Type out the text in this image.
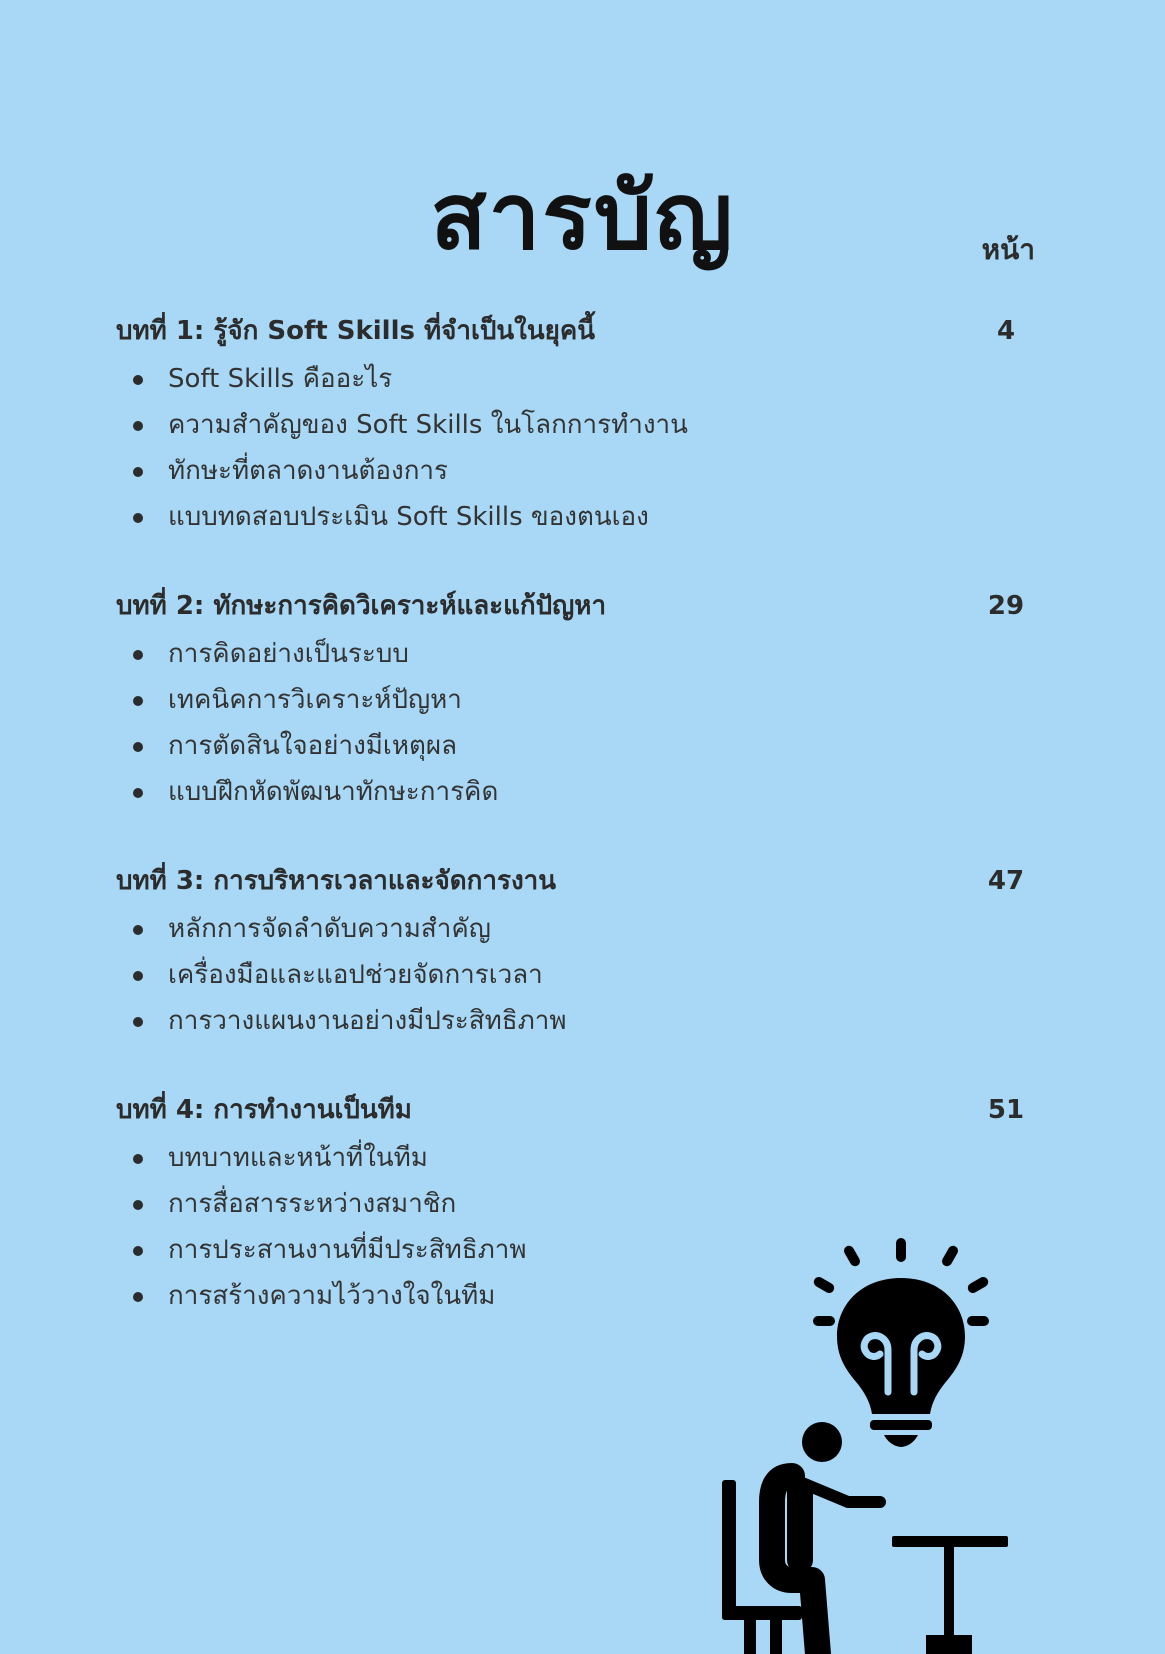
สารบัญ	หน้า
บทที่ 1: รู้จัก Soft Skills ที่จำเป็นในยุคนี้	4
Soft Skills คืออะไร
ความสำคัญของ Soft Skills ในโลกการทำงาน
ทักษะที่ตลาดงานต้องการ
แบบทดสอบประเมิน Soft Skills ของตนเอง
บทที่ 2: ทักษะการคิดวิเคราะห์และแก้ปัญหา	29
การคิดอย่างเป็นระบบ
เทคนิคการวิเคราะห์ปัญหา
การตัดสินใจอย่างมีเหตุผล
แบบฝึกหัดพัฒนาทักษะการคิด
บทที่ 3: การบริหารเวลาและจัดการงาน	47
หลักการจัดลำดับความสำคัญ
เครื่องมือและแอปช่วยจัดการเวลา
การวางแผนงานอย่างมีประสิทธิภาพ
บทที่ 4: การทำงานเป็นทีม	51
บทบาทและหน้าที่ในทีม
การสื่อสารระหว่างสมาชิก
การประสานงานที่มีประสิทธิภาพ
การสร้างความไว้วางใจในทีม
